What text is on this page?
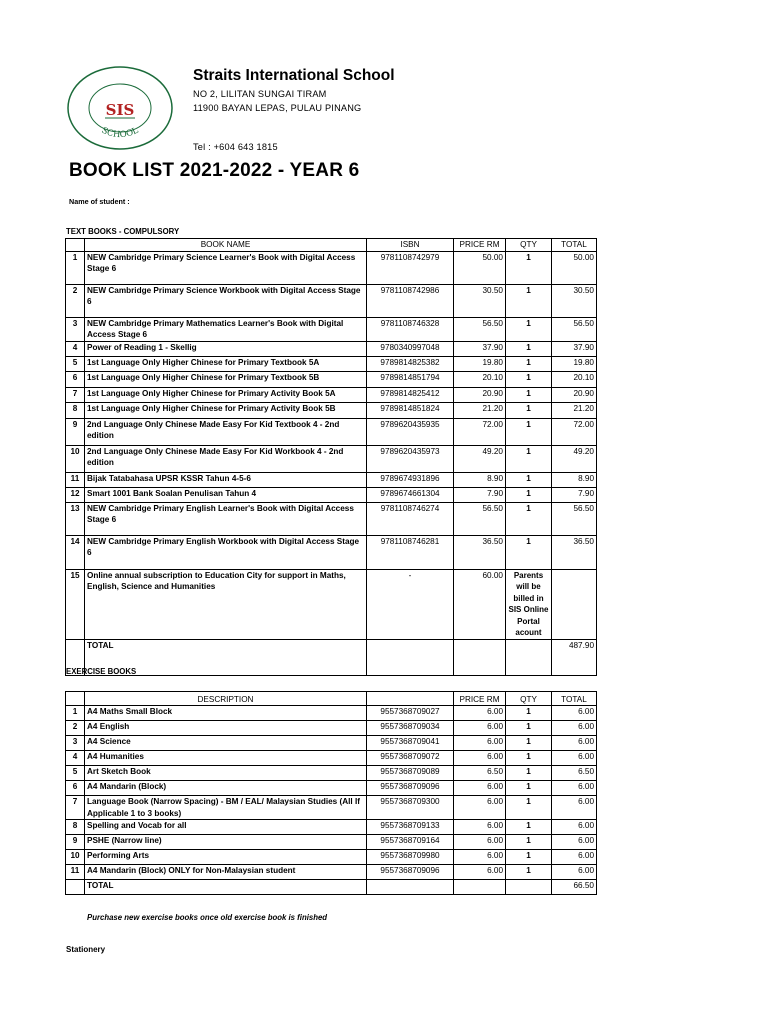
SIS
SCHOOL
Straits International School
NO 2, LILITAN SUNGAI TIRAM
11900 BAYAN LEPAS, PULAU PINANG
Tel : +604 643 1815
BOOK LIST 2021-2022 - YEAR 6
Name of student :
TEXT BOOKS - COMPULSORY
	BOOK NAME	ISBN	PRICE RM	QTY	TOTAL
1	NEW Cambridge Primary Science Learner's Book with Digital Access Stage 6	9781108742979	50.00	1	50.00
2	NEW Cambridge Primary Science Workbook with Digital Access Stage 6	9781108742986	30.50	1	30.50
3	NEW Cambridge Primary Mathematics Learner's Book with Digital Access Stage 6	9781108746328	56.50	1	56.50
4	Power of Reading 1 - Skellig	9780340997048	37.90	1	37.90
5	1st Language Only Higher Chinese for Primary Textbook 5A	9789814825382	19.80	1	19.80
6	1st Language Only Higher Chinese for Primary Textbook 5B	9789814851794	20.10	1	20.10
7	1st Language Only Higher Chinese for Primary Activity Book 5A	9789814825412	20.90	1	20.90
8	1st Language Only Higher Chinese for Primary Activity Book 5B	9789814851824	21.20	1	21.20
9	2nd Language Only Chinese Made Easy For Kid Textbook 4 - 2nd edition	9789620435935	72.00	1	72.00
10	2nd Language Only Chinese Made Easy For Kid Workbook 4 - 2nd edition	9789620435973	49.20	1	49.20
11	Bijak Tatabahasa UPSR KSSR Tahun 4-5-6	9789674931896	8.90	1	8.90
12	Smart 1001 Bank Soalan Penulisan Tahun 4	9789674661304	7.90	1	7.90
13	NEW Cambridge Primary English Learner's Book with Digital Access Stage 6	9781108746274	56.50	1	56.50
14	NEW Cambridge Primary English Workbook with Digital Access Stage 6	9781108746281	36.50	1	36.50
15	Online annual subscription to Education City for support in Maths, English, Science and Humanities	-	60.00	Parents will be billed in SIS Online Portal acount	
	TOTAL				487.90
EXERCISE BOOKS
	DESCRIPTION		PRICE RM	QTY	TOTAL
1	A4 Maths Small Block	9557368709027	6.00	1	6.00
2	A4 English	9557368709034	6.00	1	6.00
3	A4 Science	9557368709041	6.00	1	6.00
4	A4 Humanities	9557368709072	6.00	1	6.00
5	Art Sketch Book	9557368709089	6.50	1	6.50
6	A4 Mandarin (Block)	9557368709096	6.00	1	6.00
7	Language Book (Narrow Spacing) - BM / EAL/ Malaysian Studies (All If Applicable 1 to 3 books)	9557368709300	6.00	1	6.00
8	Spelling and Vocab for all	9557368709133	6.00	1	6.00
9	PSHE (Narrow line)	9557368709164	6.00	1	6.00
10	Performing Arts	9557368709980	6.00	1	6.00
11	A4 Mandarin (Block) ONLY for Non-Malaysian student	9557368709096	6.00	1	6.00
	TOTAL				66.50
Purchase new exercise books once old exercise book is finished
Stationery
